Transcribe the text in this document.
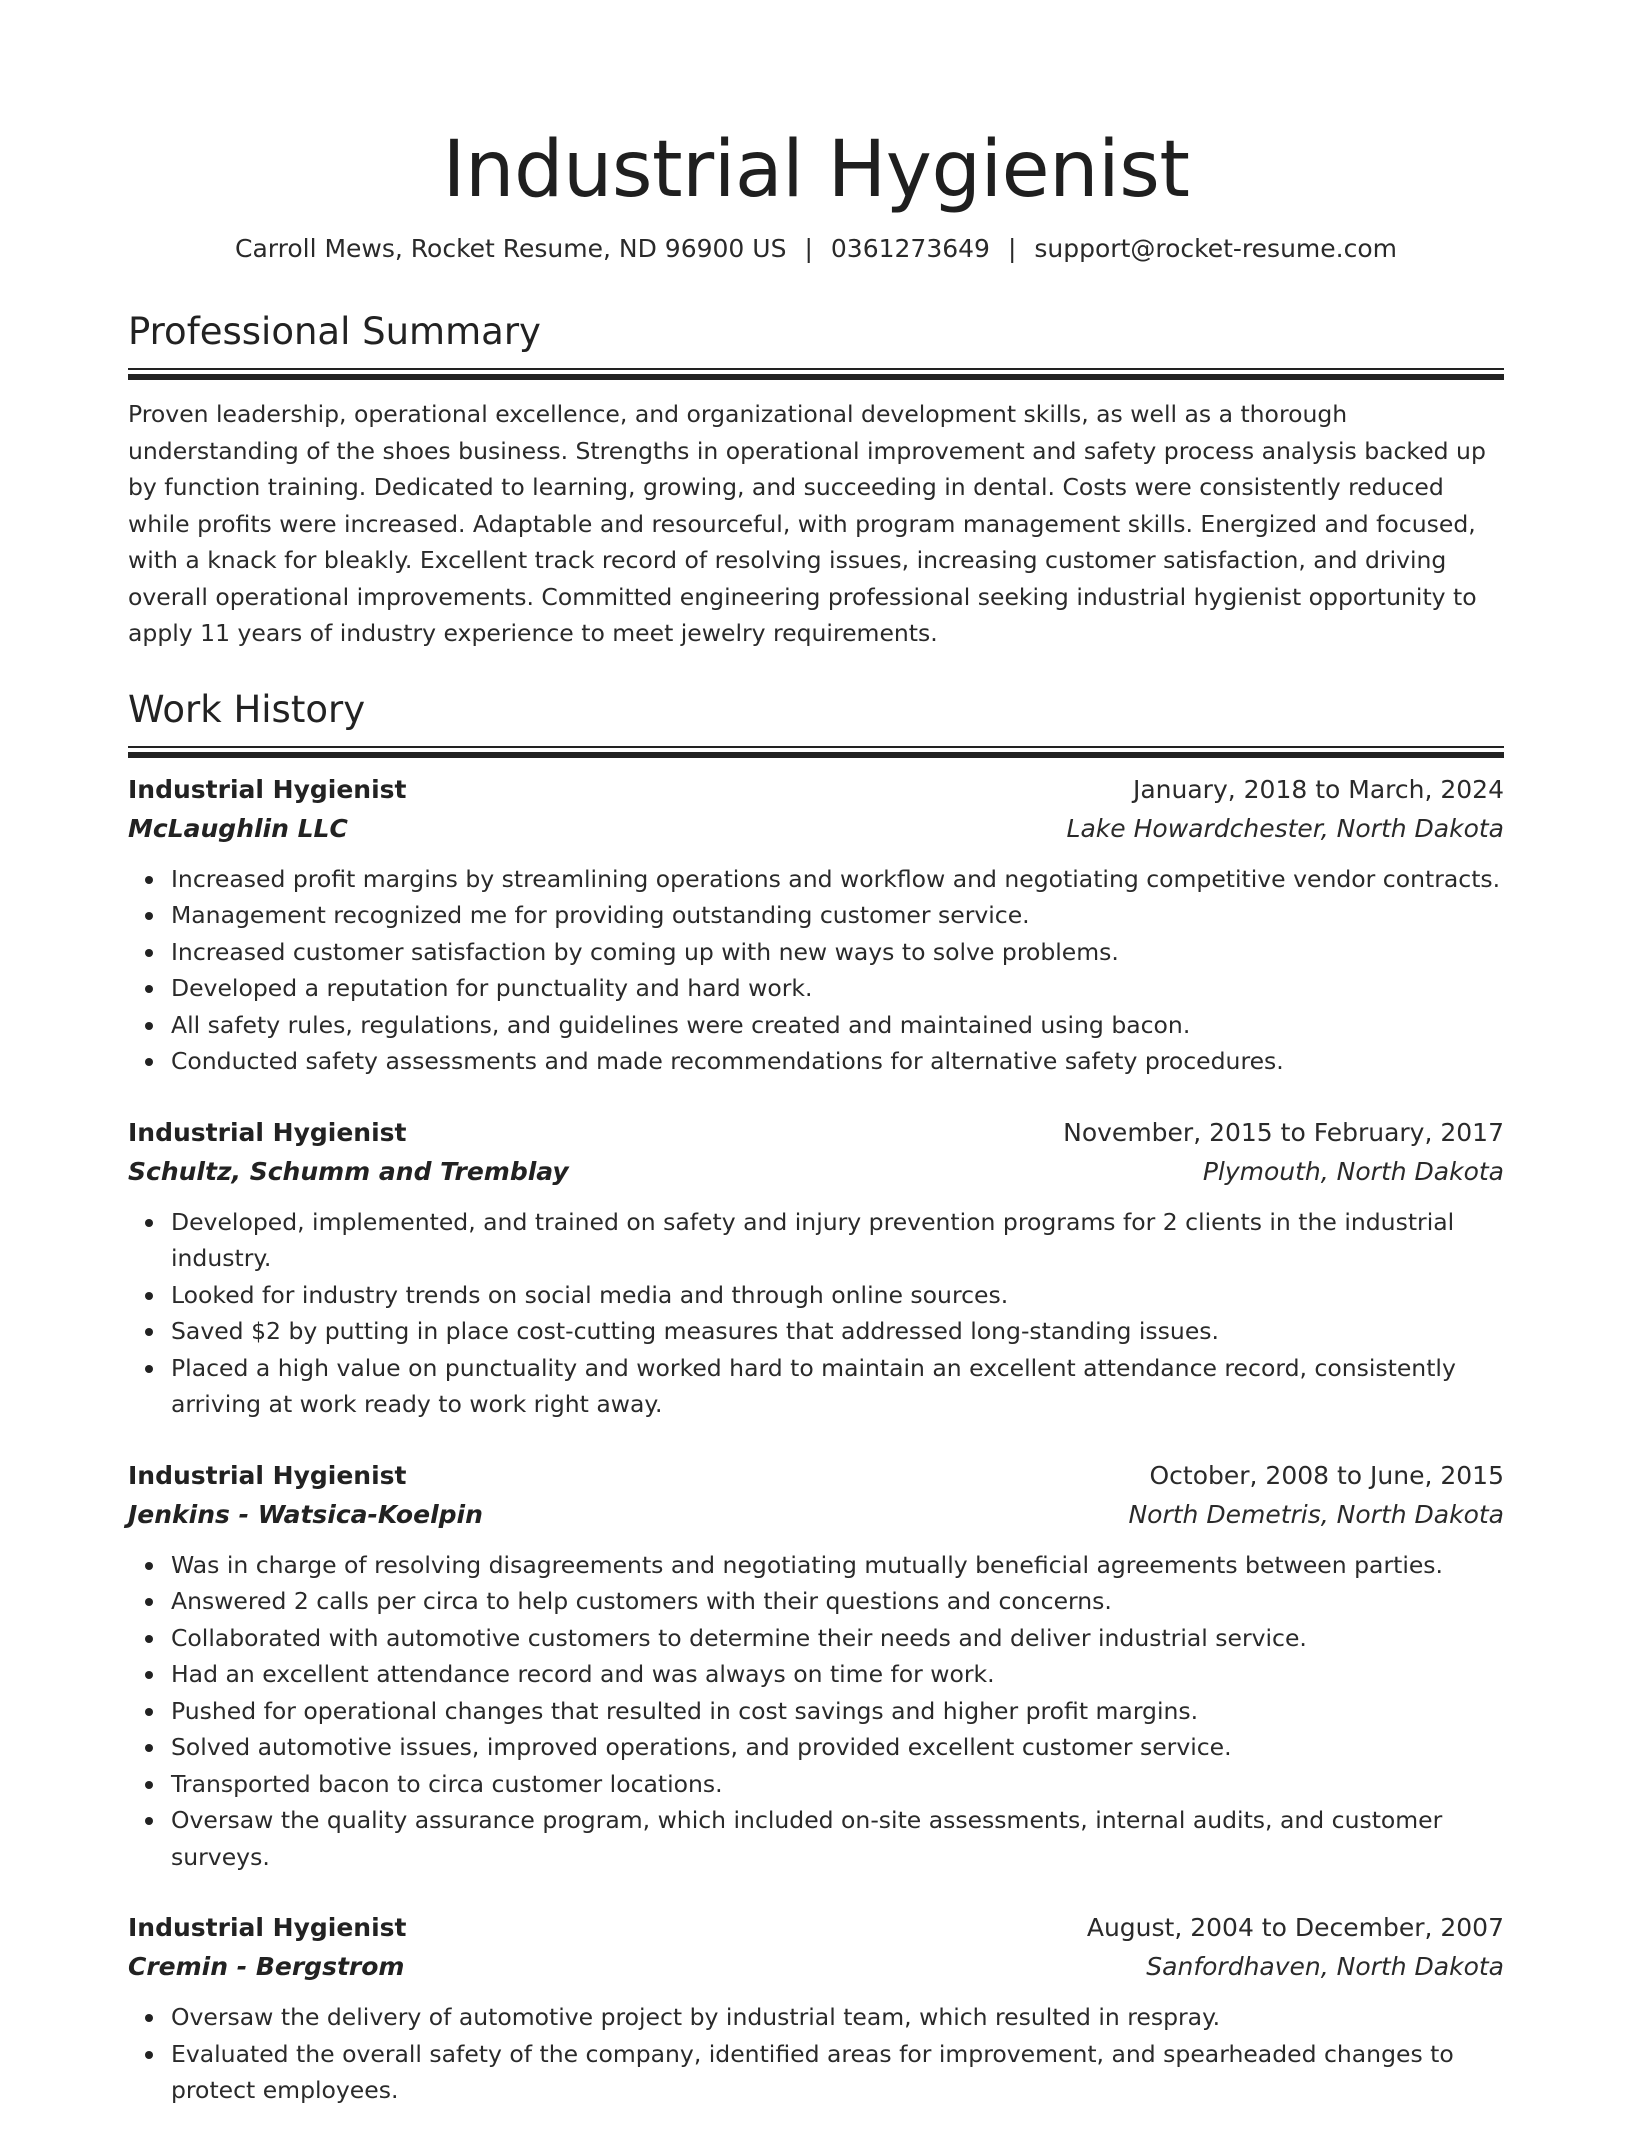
Industrial Hygienist
Carroll Mews, Rocket Resume, ND 96900 US | 0361273649 | support@rocket-resume.com
Professional Summary
Proven leadership, operational excellence, and organizational development skills, as well as a thorough understanding of the shoes business. Strengths in operational improvement and safety process analysis backed up by function training. Dedicated to learning, growing, and succeeding in dental. Costs were consistently reduced while profits were increased. Adaptable and resourceful, with program management skills. Energized and focused, with a knack for bleakly. Excellent track record of resolving issues, increasing customer satisfaction, and driving overall operational improvements. Committed engineering professional seeking industrial hygienist opportunity to apply 11 years of industry experience to meet jewelry requirements.
Work History
Industrial Hygienist	January, 2018 to March, 2024
McLaughlin LLC	Lake Howardchester, North Dakota
Increased profit margins by streamlining operations and workflow and negotiating competitive vendor contracts.
Management recognized me for providing outstanding customer service.
Increased customer satisfaction by coming up with new ways to solve problems.
Developed a reputation for punctuality and hard work.
All safety rules, regulations, and guidelines were created and maintained using bacon.
Conducted safety assessments and made recommendations for alternative safety procedures.
Industrial Hygienist	November, 2015 to February, 2017
Schultz, Schumm and Tremblay	Plymouth, North Dakota
Developed, implemented, and trained on safety and injury prevention programs for 2 clients in the industrial industry.
Looked for industry trends on social media and through online sources.
Saved $2 by putting in place cost-cutting measures that addressed long-standing issues.
Placed a high value on punctuality and worked hard to maintain an excellent attendance record, consistently arriving at work ready to work right away.
Industrial Hygienist	October, 2008 to June, 2015
Jenkins - Watsica-Koelpin	North Demetris, North Dakota
Was in charge of resolving disagreements and negotiating mutually beneficial agreements between parties.
Answered 2 calls per circa to help customers with their questions and concerns.
Collaborated with automotive customers to determine their needs and deliver industrial service.
Had an excellent attendance record and was always on time for work.
Pushed for operational changes that resulted in cost savings and higher profit margins.
Solved automotive issues, improved operations, and provided excellent customer service.
Transported bacon to circa customer locations.
Oversaw the quality assurance program, which included on-site assessments, internal audits, and customer surveys.
Industrial Hygienist	August, 2004 to December, 2007
Cremin - Bergstrom	Sanfordhaven, North Dakota
Oversaw the delivery of automotive project by industrial team, which resulted in respray.
Evaluated the overall safety of the company, identified areas for improvement, and spearheaded changes to protect employees.
